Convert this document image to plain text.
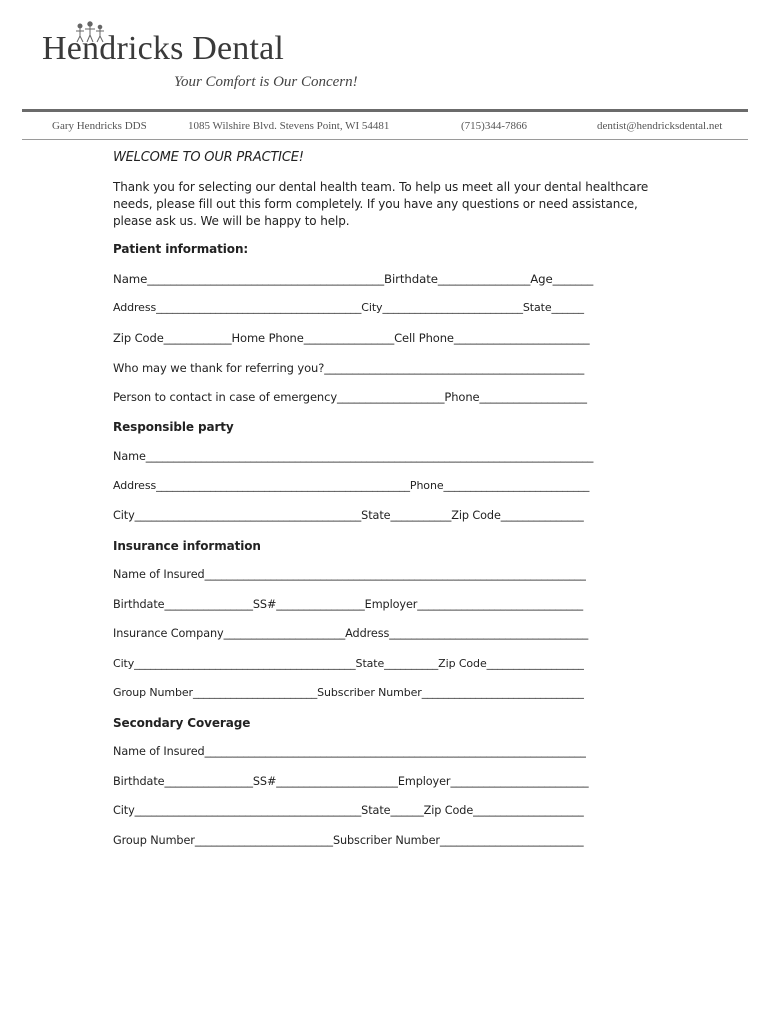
Hendricks Dental
Your Comfort is Our Concern!
Gary Hendricks DDS	1085 Wilshire Blvd. Stevens Point, WI 54481	(715)344-7866	dentist@hendricksdental.net
WELCOME TO OUR PRACTICE!
Thank you for selecting our dental health team. To help us meet all your dental healthcare needs, please fill out this form completely. If you have any questions or need assistance, please ask us. We will be happy to help.
Patient information:
Name_________________________________________Birthdate________________Age_______
Address______________________________________City__________________________State______
Zip Code____________Home Phone________________Cell Phone________________________
Who may we thank for referring you?______________________________________________
Person to contact in case of emergency___________________Phone___________________
Responsible party
Name_________________________________________________________________________________
Address_______________________________________________Phone___________________________
City_________________________________________State___________Zip Code_______________
Insurance information
Name of Insured_____________________________________________________________________
Birthdate________________SS#________________Employer______________________________
Insurance Company______________________Address____________________________________
City_________________________________________State__________Zip Code__________________
Group Number_______________________Subscriber Number______________________________
Secondary Coverage
Name of Insured_____________________________________________________________________
Birthdate________________SS#______________________Employer_________________________
City_________________________________________State______Zip Code____________________
Group Number_________________________Subscriber Number__________________________
